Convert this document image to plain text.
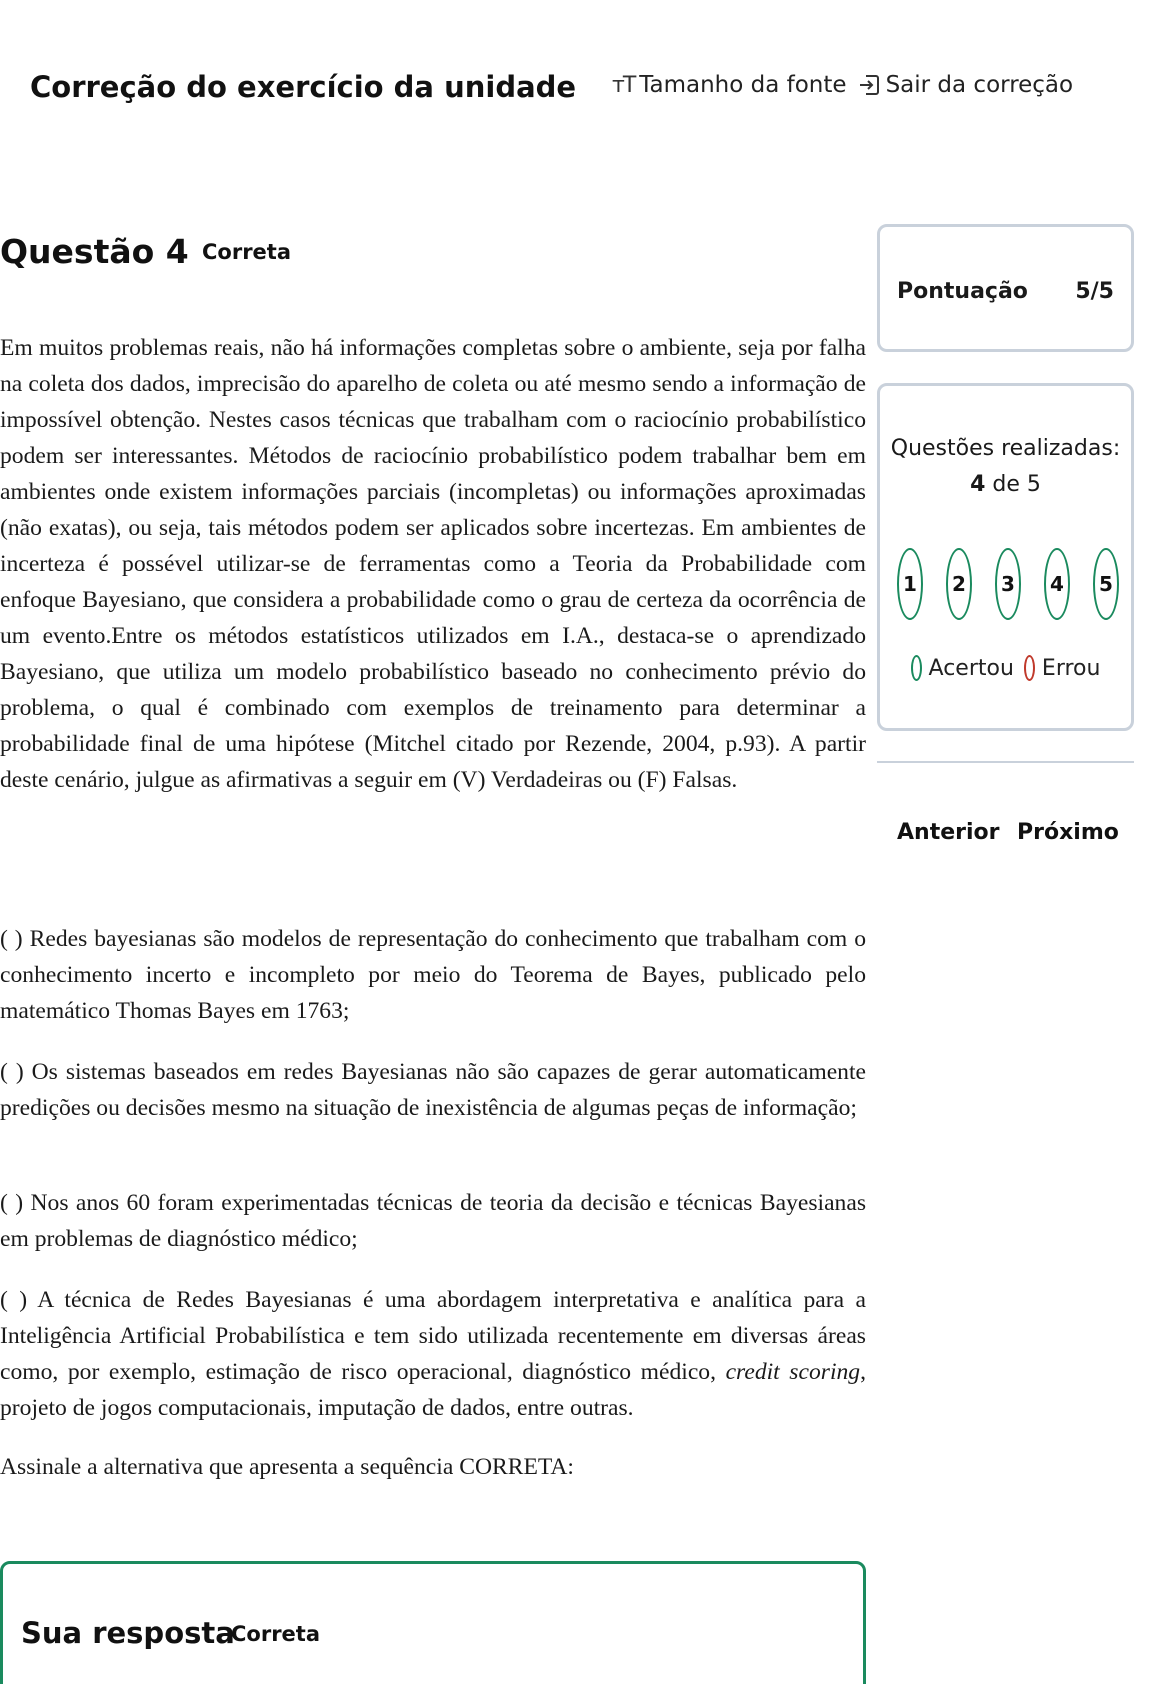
Correção do exercício da unidade ᴛT Tamanho da fonte Sair da correção
Questão 4 Correta

Em muitos problemas reais, não há informações completas sobre o ambiente, seja por falha na coleta dos dados, imprecisão do aparelho de coleta ou até mesmo sendo a informação de impossível obtenção. Nestes casos técnicas que trabalham com o raciocínio probabilístico podem ser interessantes. Métodos de raciocínio probabilístico podem trabalhar bem em ambientes onde existem informações parciais (incompletas) ou informações aproximadas (não exatas), ou seja, tais métodos podem ser aplicados sobre incertezas. Em ambientes de incerteza é possével utilizar-se de ferramentas como a Teoria da Probabilidade com enfoque Bayesiano, que considera a probabilidade como o grau de certeza da ocorrência de um evento.Entre os métodos estatísticos utilizados em I.A., destaca-se o aprendizado Bayesiano, que utiliza um modelo probabilístico baseado no conhecimento prévio do problema, o qual é combinado com exemplos de treinamento para determinar a probabilidade final de uma hipótese (Mitchel citado por Rezende, 2004, p.93). A partir deste cenário, julgue as afirmativas a seguir em (V) Verdadeiras ou (F) Falsas.

( ) Redes bayesianas são modelos de representação do conhecimento que trabalham com o conhecimento incerto e incompleto por meio do Teorema de Bayes, publicado pelo matemático Thomas Bayes em 1763;

( ) Os sistemas baseados em redes Bayesianas não são capazes de gerar automaticamente predições ou decisões mesmo na situação de inexistência de algumas peças de informação;

( ) Nos anos 60 foram experimentadas técnicas de teoria da decisão e técnicas Bayesianas em problemas de diagnóstico médico;

( ) A técnica de Redes Bayesianas é uma abordagem interpretativa e analítica para a Inteligência Artificial Probabilística e tem sido utilizada recentemente em diversas áreas como, por exemplo, estimação de risco operacional, diagnóstico médico, credit scoring, projeto de jogos computacionais, imputação de dados, entre outras.

Assinale a alternativa que apresenta a sequência CORRETA:

Pontuação 5/5
Questões realizadas:
4 de 5
1	2	3	4	5
Acertou Errou
Anterior Próximo
Sua resposta
Correta
